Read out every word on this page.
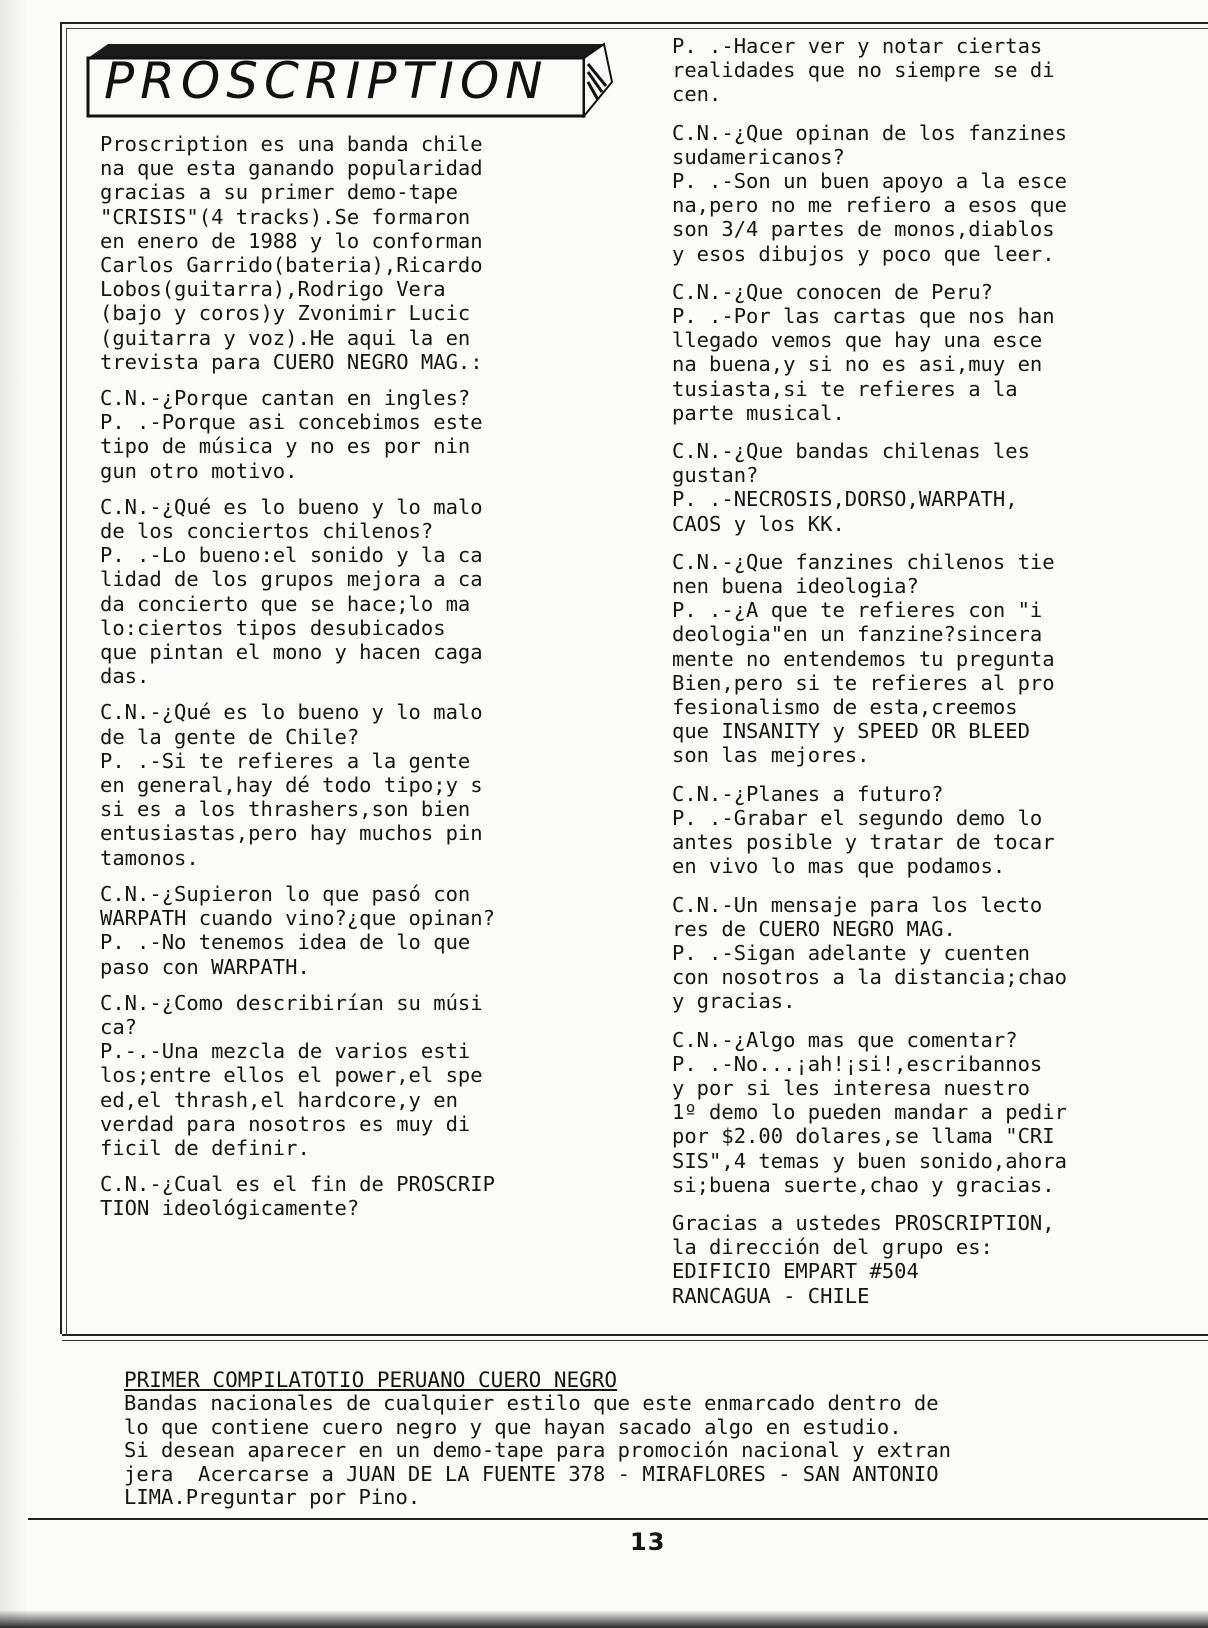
PROSCRIPTION

Proscription es una banda chile
na que esta ganando popularidad
gracias a su primer demo-tape
"CRISIS"(4 tracks).Se formaron
en enero de 1988 y lo conforman
Carlos Garrido(bateria),Ricardo
Lobos(guitarra),Rodrigo Vera
(bajo y coros)y Zvonimir Lucic
(guitarra y voz).He aqui la en
trevista para CUERO NEGRO MAG.:

C.N.-¿Porque cantan en ingles?
P. .-Porque asi concebimos este
tipo de música y no es por nin
gun otro motivo.

C.N.-¿Qué es lo bueno y lo malo
de los conciertos chilenos?
P. .-Lo bueno:el sonido y la ca
lidad de los grupos mejora a ca
da concierto que se hace;lo ma
lo:ciertos tipos desubicados
que pintan el mono y hacen caga
das.

C.N.-¿Qué es lo bueno y lo malo
de la gente de Chile?
P. .-Si te refieres a la gente
en general,hay dé todo tipo;y s
si es a los thrashers,son bien
entusiastas,pero hay muchos pin
tamonos.

C.N.-¿Supieron lo que pasó con
WARPATH cuando vino?¿que opinan?
P. .-No tenemos idea de lo que
paso con WARPATH.

C.N.-¿Como describirían su músi
ca?
P.-.-Una mezcla de varios esti
los;entre ellos el power,el spe
ed,el thrash,el hardcore,y en
verdad para nosotros es muy di
ficil de definir.

C.N.-¿Cual es el fin de PROSCRIP
TION ideológicamente?

P. .-Hacer ver y notar ciertas
realidades que no siempre se di
cen.

C.N.-¿Que opinan de los fanzines
sudamericanos?
P. .-Son un buen apoyo a la esce
na,pero no me refiero a esos que
son 3/4 partes de monos,diablos
y esos dibujos y poco que leer.

C.N.-¿Que conocen de Peru?
P. .-Por las cartas que nos han
llegado vemos que hay una esce
na buena,y si no es asi,muy en
tusiasta,si te refieres a la
parte musical.

C.N.-¿Que bandas chilenas les
gustan?
P. .-NECROSIS,DORSO,WARPATH,
CAOS y los KK.

C.N.-¿Que fanzines chilenos tie
nen buena ideologia?
P. .-¿A que te refieres con "i
deologia"en un fanzine?sincera
mente no entendemos tu pregunta
Bien,pero si te refieres al pro
fesionalismo de esta,creemos
que INSANITY y SPEED OR BLEED
son las mejores.

C.N.-¿Planes a futuro?
P. .-Grabar el segundo demo lo
antes posible y tratar de tocar
en vivo lo mas que podamos.

C.N.-Un mensaje para los lecto
res de CUERO NEGRO MAG.
P. .-Sigan adelante y cuenten
con nosotros a la distancia;chao
y gracias.

C.N.-¿Algo mas que comentar?
P. .-No...¡ah!¡si!,escribannos
y por si les interesa nuestro
1º demo lo pueden mandar a pedir
por $2.00 dolares,se llama "CRI
SIS",4 temas y buen sonido,ahora
si;buena suerte,chao y gracias.

Gracias a ustedes PROSCRIPTION,
la dirección del grupo es:
EDIFICIO EMPART #504
RANCAGUA - CHILE

PRIMER COMPILATOTIO PERUANO CUERO NEGRO

Bandas nacionales de cualquier estilo que este enmarcado dentro de
lo que contiene cuero negro y que hayan sacado algo en estudio.
Si desean aparecer en un demo-tape para promoción nacional y extran
jera  Acercarse a JUAN DE LA FUENTE 378 - MIRAFLORES - SAN ANTONIO
LIMA.Preguntar por Pino.

13
